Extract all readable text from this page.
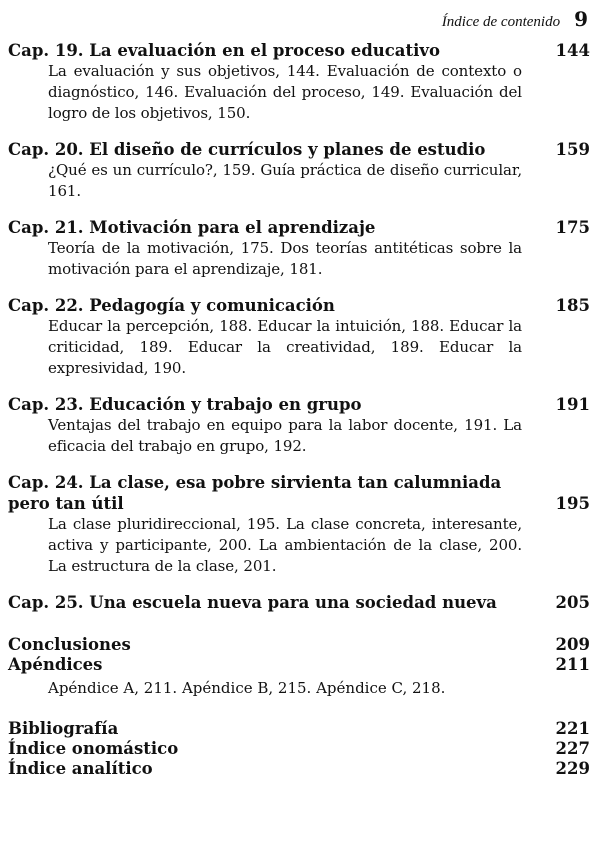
Índice de contenido 9
Cap. 19. La evaluación en el proceso educativo	144
La evaluación y sus objetivos, 144. Evaluación de contexto o diagnóstico, 146. Evaluación del proceso, 149. Evaluación del logro de los objetivos, 150.
Cap. 20. El diseño de currículos y planes de estudio	159
¿Qué es un currículo?, 159. Guía práctica de diseño curricular, 161.
Cap. 21. Motivación para el aprendizaje	175
Teoría de la motivación, 175. Dos teorías antitéticas sobre la motivación para el aprendizaje, 181.
Cap. 22. Pedagogía y comunicación	185
Educar la percepción, 188. Educar la intuición, 188. Educar la criticidad, 189. Educar la creatividad, 189. Educar la expresividad, 190.
Cap. 23. Educación y trabajo en grupo	191
Ventajas del trabajo en equipo para la labor docente, 191. La eficacia del trabajo en grupo, 192.
Cap. 24. La clase, esa pobre sirvienta tan calumniada pero tan útil	195
La clase pluridireccional, 195. La clase concreta, interesante, activa y participante, 200. La ambientación de la clase, 200. La estructura de la clase, 201.
Cap. 25. Una escuela nueva para una sociedad nueva	205
Conclusiones	209
Apéndices	211
Apéndice A, 211. Apéndice B, 215. Apéndice C, 218.
Bibliografía	221
Índice onomástico	227
Índice analítico	229
